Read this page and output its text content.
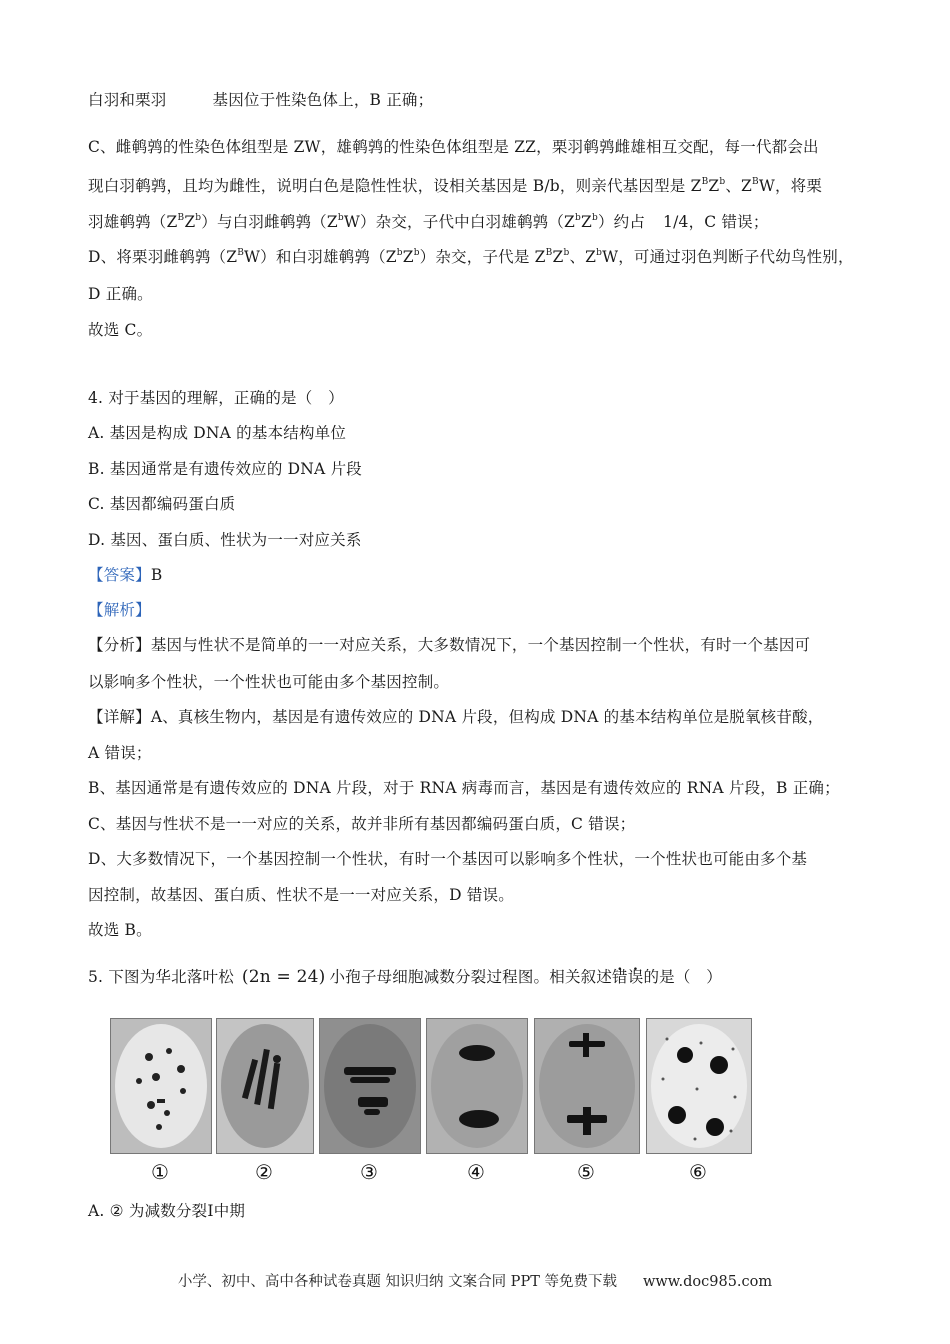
白羽和栗羽	基因位于性染色体上，B 正确；
C、雌鹌鹑的性染色体组型是 ZW，雄鹌鹑的性染色体组型是 ZZ，栗羽鹌鹑雌雄相互交配，每一代都会出
现白羽鹌鹑，且均为雌性，说明白色是隐性性状，设相关基因是 B/b，则亲代基因型是 $Z^BZ^b$、$Z^BW$，将栗
羽雄鹌鹑$(Z^BZ^b)$与白羽雌鹌鹑$(Z^bW)$杂交，子代中白羽雄鹌鹑$(Z^bZ^b)$约占 1/4，C 错误；
D、将栗羽雌鹌鹑$(Z^BW)$和白羽雄鹌鹑$(Z^bZ^b)$杂交，子代是 $Z^BZ^b$、$Z^bW$，可通过羽色判断子代幼鸟性别，
D 正确。
故选 C。
4. 对于基因的理解，正确的是（　）
A. 基因是构成 DNA 的基本结构单位
B. 基因通常是有遗传效应的 DNA 片段
C. 基因都编码蛋白质
D. 基因、蛋白质、性状为一一对应关系
【答案】B
【解析】
【分析】基因与性状不是简单的一一对应关系，大多数情况下，一个基因控制一个性状，有时一个基因可
以影响多个性状，一个性状也可能由多个基因控制。
【详解】A、真核生物内，基因是有遗传效应的 DNA 片段，但构成 DNA 的基本结构单位是脱氧核苷酸，
A 错误；
B、基因通常是有遗传效应的 DNA 片段，对于 RNA 病毒而言，基因是有遗传效应的 RNA 片段，B 正确；
C、基因与性状不是一一对应的关系，故并非所有基因都编码蛋白质，C 错误；
D、大多数情况下，一个基因控制一个性状，有时一个基因可以影响多个性状，一个性状也可能由多个基
因控制，故基因、蛋白质、性状不是一一对应关系，D 错误。
故选 B。
5. 下图为华北落叶松 (2n = 24) 小孢子母细胞减数分裂过程图。相关叙述错误的是（　）
①	②	③	④	⑤	⑥
A. ② 为减数分裂Ⅰ中期
小学、初中、高中各种试卷真题 知识归纳 文案合同 PPT 等免费下载 www.doc985.com
